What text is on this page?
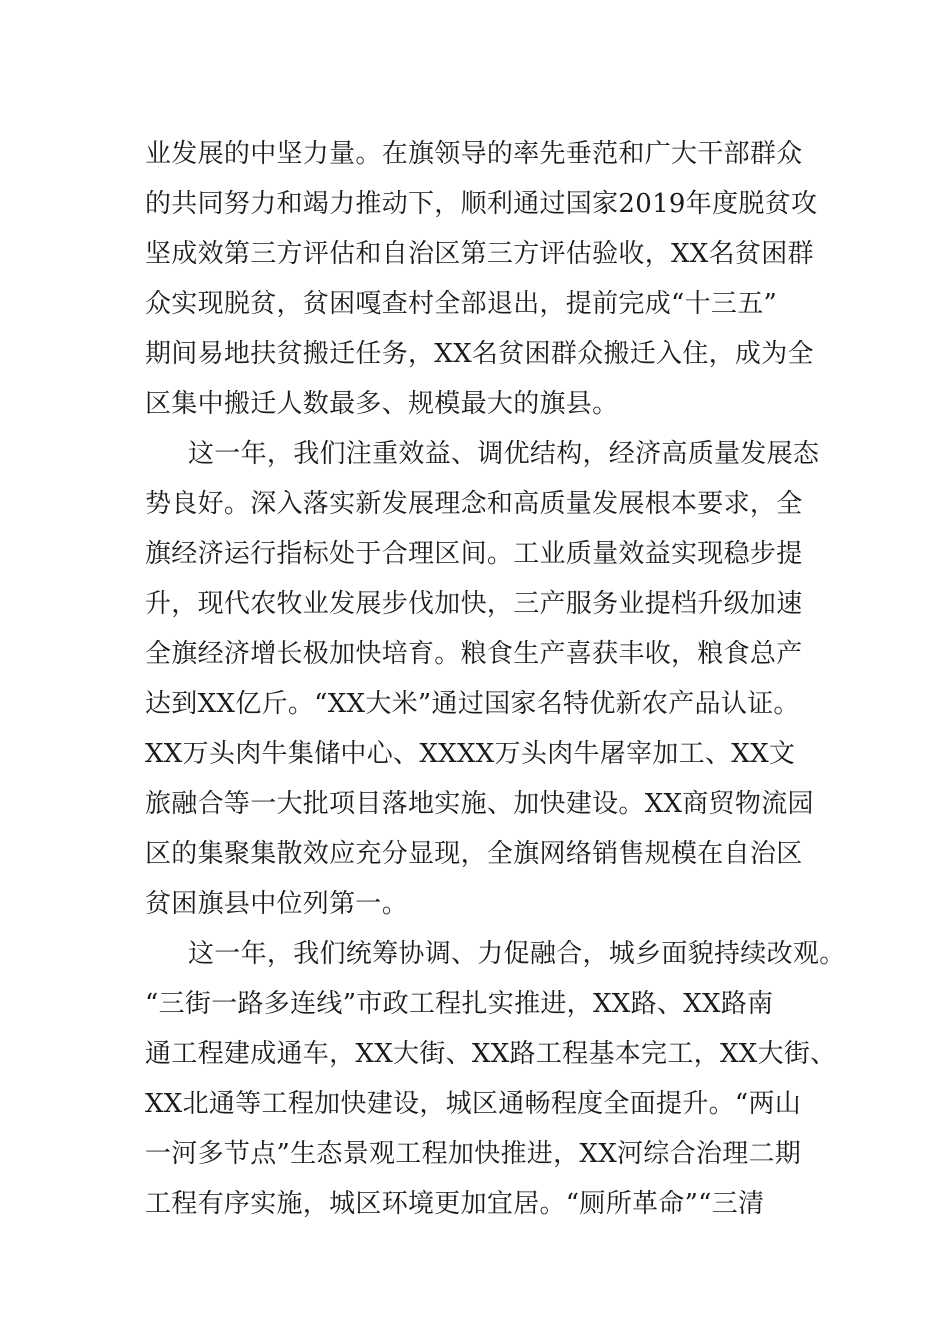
业发展的中坚力量。在旗领导的率先垂范和广大干部群众
的共同努力和竭力推动下，顺利通过国家2019年度脱贫攻
坚成效第三方评估和自治区第三方评估验收，XX名贫困群
众实现脱贫，贫困嘎查村全部退出，提前完成“十三五”
期间易地扶贫搬迁任务，XX名贫困群众搬迁入住，成为全
区集中搬迁人数最多、规模最大的旗县。
这一年，我们注重效益、调优结构，经济高质量发展态
势良好。深入落实新发展理念和高质量发展根本要求，全
旗经济运行指标处于合理区间。工业质量效益实现稳步提
升，现代农牧业发展步伐加快，三产服务业提档升级加速
全旗经济增长极加快培育。粮食生产喜获丰收，粮食总产
达到XX亿斤。“XX大米”通过国家名特优新农产品认证。
XX万头肉牛集储中心、XXXX万头肉牛屠宰加工、XX文
旅融合等一大批项目落地实施、加快建设。XX商贸物流园
区的集聚集散效应充分显现，全旗网络销售规模在自治区
贫困旗县中位列第一。
这一年，我们统筹协调、力促融合，城乡面貌持续改观。
“三街一路多连线”市政工程扎实推进，XX路、XX路南
通工程建成通车，XX大街、XX路工程基本完工，XX大街、
XX北通等工程加快建设，城区通畅程度全面提升。“两山
一河多节点”生态景观工程加快推进，XX河综合治理二期
工程有序实施，城区环境更加宜居。“厕所革命”“三清
